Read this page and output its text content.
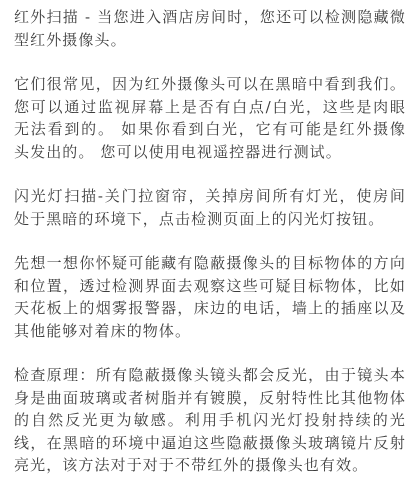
红外扫描 - 当您进入酒店房间时，您还可以检测隐藏微型红外摄像头。

它们很常见，因为红外摄像头可以在黑暗中看到我们。 您可以通过监视屏幕上是否有白点/白光，这些是肉眼无法看到的。 如果你看到白光，它有可能是红外摄像头发出的。 您可以使用电视遥控器进行测试。

闪光灯扫描-关门拉窗帘，关掉房间所有灯光，使房间处于黑暗的环境下，点击检测页面上的闪光灯按钮。

先想一想你怀疑可能藏有隐蔽摄像头的目标物体的方向和位置，透过检测界面去观察这些可疑目标物体，比如天花板上的烟雾报警器，床边的电话，墙上的插座以及其他能够对着床的物体。

检查原理：所有隐蔽摄像头镜头都会反光，由于镜头本身是曲面玻璃或者树脂并有镀膜，反射特性比其他物体的自然反光更为敏感。利用手机闪光灯投射持续的光线，在黑暗的环境中逼迫这些隐蔽摄像头玻璃镜片反射亮光，该方法对于对于不带红外的摄像头也有效。
